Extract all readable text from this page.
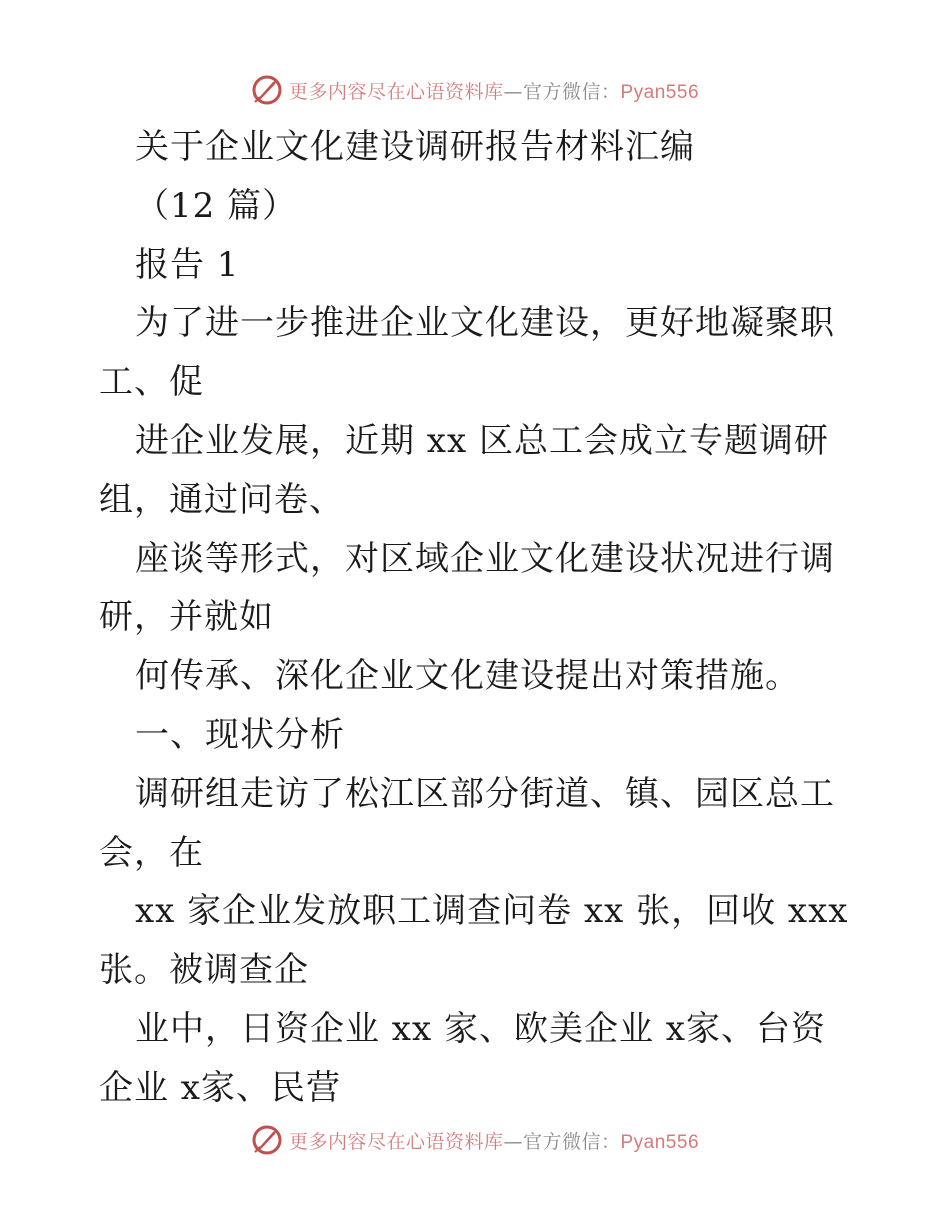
更多内容尽在心语资料库—官方微信：Pyan556
关于企业文化建设调研报告材料汇编
（12 篇）
报告 1
为了进一步推进企业文化建设，更好地凝聚职
工、促
进企业发展，近期 xx 区总工会成立专题调研
组，通过问卷、
座谈等形式，对区域企业文化建设状况进行调
研，并就如
何传承、深化企业文化建设提出对策措施。
一、现状分析
调研组走访了松江区部分街道、镇、园区总工
会，在
xx 家企业发放职工调查问卷 xx 张，回收 xxx
张。被调查企
业中，日资企业 xx 家、欧美企业 x家、台资
企业 x家、民营
更多内容尽在心语资料库—官方微信：Pyan556
